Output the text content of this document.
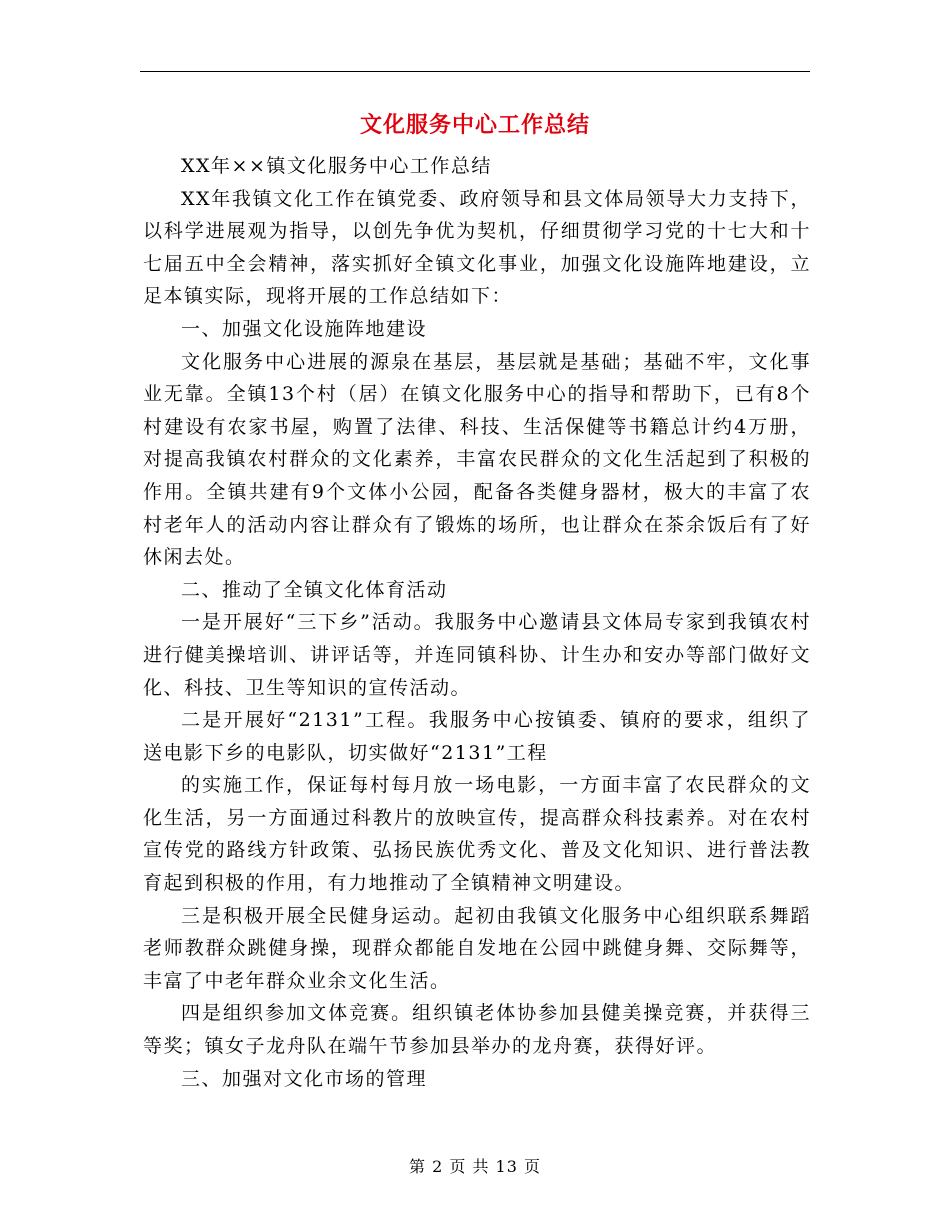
文化服务中心工作总结

XX年××镇文化服务中心工作总结

XX年我镇文化工作在镇党委、政府领导和县文体局领导大力支持下，以科学进展观为指导，以创先争优为契机，仔细贯彻学习党的十七大和十七届五中全会精神，落实抓好全镇文化事业，加强文化设施阵地建设，立足本镇实际，现将开展的工作总结如下：

一、加强文化设施阵地建设

文化服务中心进展的源泉在基层，基层就是基础；基础不牢，文化事业无靠。全镇13个村（居）在镇文化服务中心的指导和帮助下，已有8个村建设有农家书屋，购置了法律、科技、生活保健等书籍总计约4万册，对提高我镇农村群众的文化素养，丰富农民群众的文化生活起到了积极的作用。全镇共建有9个文体小公园，配备各类健身器材，极大的丰富了农村老年人的活动内容让群众有了锻炼的场所，也让群众在茶余饭后有了好休闲去处。

二、推动了全镇文化体育活动

一是开展好“三下乡”活动。我服务中心邀请县文体局专家到我镇农村进行健美操培训、讲评话等，并连同镇科协、计生办和安办等部门做好文化、科技、卫生等知识的宣传活动。

二是开展好“2131”工程。我服务中心按镇委、镇府的要求，组织了送电影下乡的电影队，切实做好“2131”工程

的实施工作，保证每村每月放一场电影，一方面丰富了农民群众的文化生活，另一方面通过科教片的放映宣传，提高群众科技素养。对在农村宣传党的路线方针政策、弘扬民族优秀文化、普及文化知识、进行普法教育起到积极的作用，有力地推动了全镇精神文明建设。

三是积极开展全民健身运动。起初由我镇文化服务中心组织联系舞蹈老师教群众跳健身操，现群众都能自发地在公园中跳健身舞、交际舞等，丰富了中老年群众业余文化生活。

四是组织参加文体竞赛。组织镇老体协参加县健美操竞赛，并获得三等奖；镇女子龙舟队在端午节参加县举办的龙舟赛，获得好评。

三、加强对文化市场的管理

第 2 页 共 13 页
